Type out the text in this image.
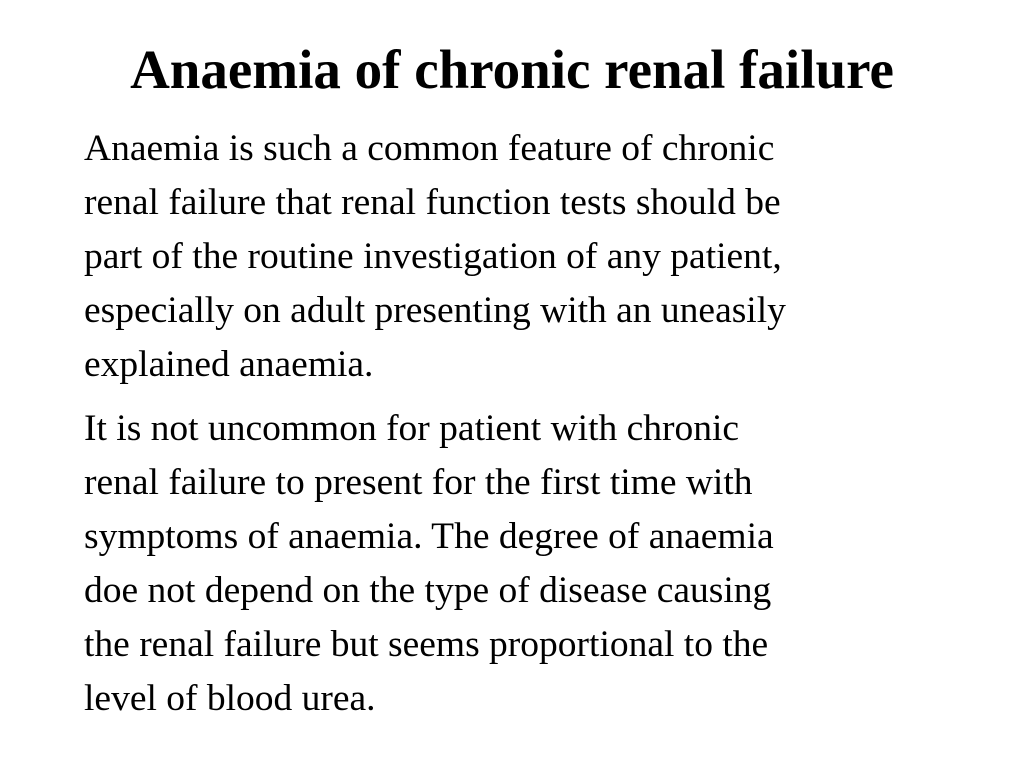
Anaemia of chronic renal failure

Anaemia is such a common feature of chronic
renal failure that renal function tests should be
part of the routine investigation of any patient,
especially on adult presenting with an uneasily
explained anaemia.

It is not uncommon for patient with chronic
renal failure to present for the first time with
symptoms of anaemia. The degree of anaemia
doe not depend on the type of disease causing
the renal failure but seems proportional to the
level of blood urea.
